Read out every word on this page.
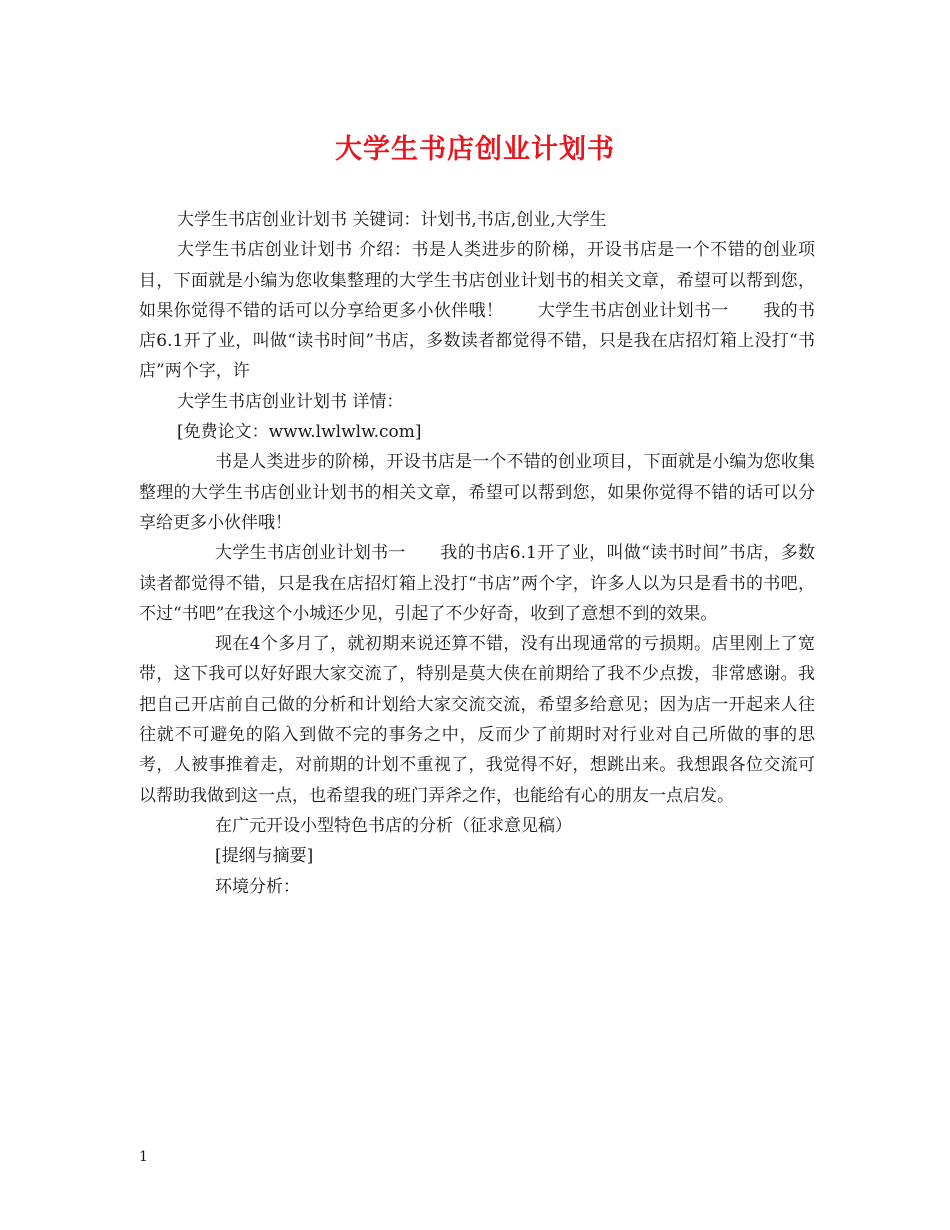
大学生书店创业计划书

大学生书店创业计划书 关键词：计划书,书店,创业,大学生

大学生书店创业计划书 介绍：书是人类进步的阶梯，开设书店是一个不错的创业项目，下面就是小编为您收集整理的大学生书店创业计划书的相关文章，希望可以帮到您，如果你觉得不错的话可以分享给更多小伙伴哦！　　大学生书店创业计划书一　　我的书店6.1开了业，叫做“读书时间”书店，多数读者都觉得不错，只是我在店招灯箱上没打“书店”两个字，许

大学生书店创业计划书 详情：

[免费论文：www.lwlwlw.com]

书是人类进步的阶梯，开设书店是一个不错的创业项目，下面就是小编为您收集整理的大学生书店创业计划书的相关文章，希望可以帮到您，如果你觉得不错的话可以分享给更多小伙伴哦！

大学生书店创业计划书一　　我的书店6.1开了业，叫做“读书时间”书店，多数读者都觉得不错，只是我在店招灯箱上没打“书店”两个字，许多人以为只是看书的书吧，不过“书吧”在我这个小城还少见，引起了不少好奇，收到了意想不到的效果。

现在4个多月了，就初期来说还算不错，没有出现通常的亏损期。店里刚上了宽带，这下我可以好好跟大家交流了，特别是莫大侠在前期给了我不少点拨，非常感谢。我把自己开店前自己做的分析和计划给大家交流交流，希望多给意见；因为店一开起来人往往就不可避免的陷入到做不完的事务之中，反而少了前期时对行业对自己所做的事的思考，人被事推着走，对前期的计划不重视了，我觉得不好，想跳出来。我想跟各位交流可以帮助我做到这一点，也希望我的班门弄斧之作，也能给有心的朋友一点启发。

在广元开设小型特色书店的分析（征求意见稿）

[提纲与摘要]

环境分析：

1
